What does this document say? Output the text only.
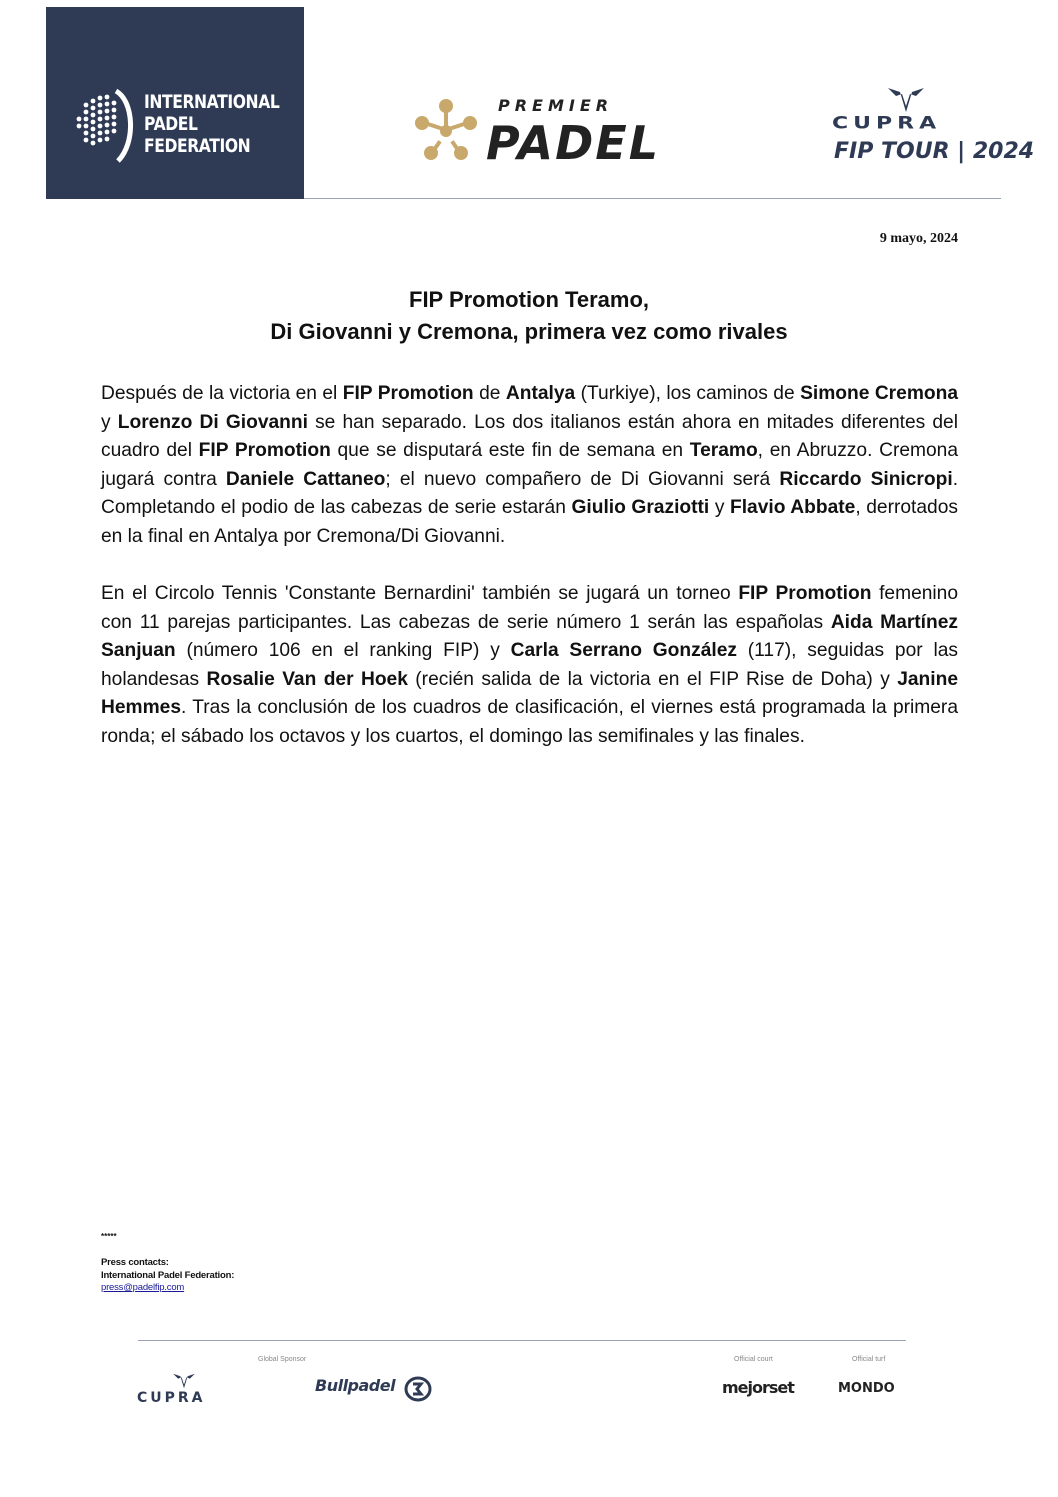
INTERNATIONAL
PADEL
FEDERATION
PREMIER
PADEL	CUPRA
FIP TOUR | 2024
9 mayo, 2024
FIP Promotion Teramo,
Di Giovanni y Cremona, primera vez como rivales
Después de la victoria en el FIP Promotion de Antalya (Turkiye), los caminos de Simone Cremona y Lorenzo Di Giovanni se han separado. Los dos italianos están ahora en mitades diferentes del cuadro del FIP Promotion que se disputará este fin de semana en Teramo, en Abruzzo. Cremona jugará contra Daniele Cattaneo; el nuevo compañero de Di Giovanni será Riccardo Sinicropi. Completando el podio de las cabezas de serie estarán Giulio Graziotti y Flavio Abbate, derrotados en la final en Antalya por Cremona/Di Giovanni.
En el Circolo Tennis 'Constante Bernardini' también se jugará un torneo FIP Promotion femenino con 11 parejas participantes. Las cabezas de serie número 1 serán las españolas Aida Martínez Sanjuan (número 106 en el ranking FIP) y Carla Serrano González (117), seguidas por las holandesas Rosalie Van der Hoek (recién salida de la victoria en el FIP Rise de Doha) y Janine Hemmes. Tras la conclusión de los cuadros de clasificación, el viernes está programada la primera ronda; el sábado los octavos y los cuartos, el domingo las semifinales y las finales.
*****
Press contacts:
International Padel Federation:
press@padelfip.com
CUPRA
Global Sponsor
Bullpadel
Official court
mejorset
Official turf
MONDO
